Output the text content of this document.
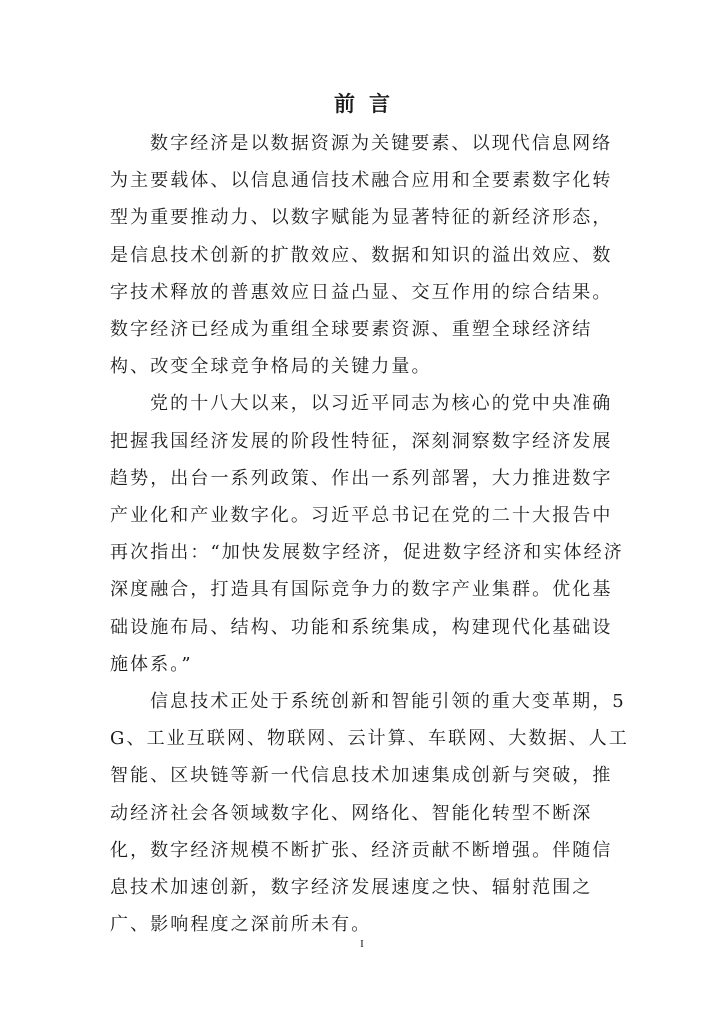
前言

数字经济是以数据资源为关键要素、以现代信息网络为主要载体、以信息通信技术融合应用和全要素数字化转型为重要推动力、以数字赋能为显著特征的新经济形态，是信息技术创新的扩散效应、数据和知识的溢出效应、数字技术释放的普惠效应日益凸显、交互作用的综合结果。数字经济已经成为重组全球要素资源、重塑全球经济结构、改变全球竞争格局的关键力量。

党的十八大以来，以习近平同志为核心的党中央准确把握我国经济发展的阶段性特征，深刻洞察数字经济发展趋势，出台一系列政策、作出一系列部署，大力推进数字产业化和产业数字化。习近平总书记在党的二十大报告中再次指出：“加快发展数字经济，促进数字经济和实体经济深度融合，打造具有国际竞争力的数字产业集群。优化基础设施布局、结构、功能和系统集成，构建现代化基础设施体系。”

信息技术正处于系统创新和智能引领的重大变革期，5G、工业互联网、物联网、云计算、车联网、大数据、人工智能、区块链等新一代信息技术加速集成创新与突破，推动经济社会各领域数字化、网络化、智能化转型不断深化，数字经济规模不断扩张、经济贡献不断增强。伴随信息技术加速创新，数字经济发展速度之快、辐射范围之广、影响程度之深前所未有。

I
